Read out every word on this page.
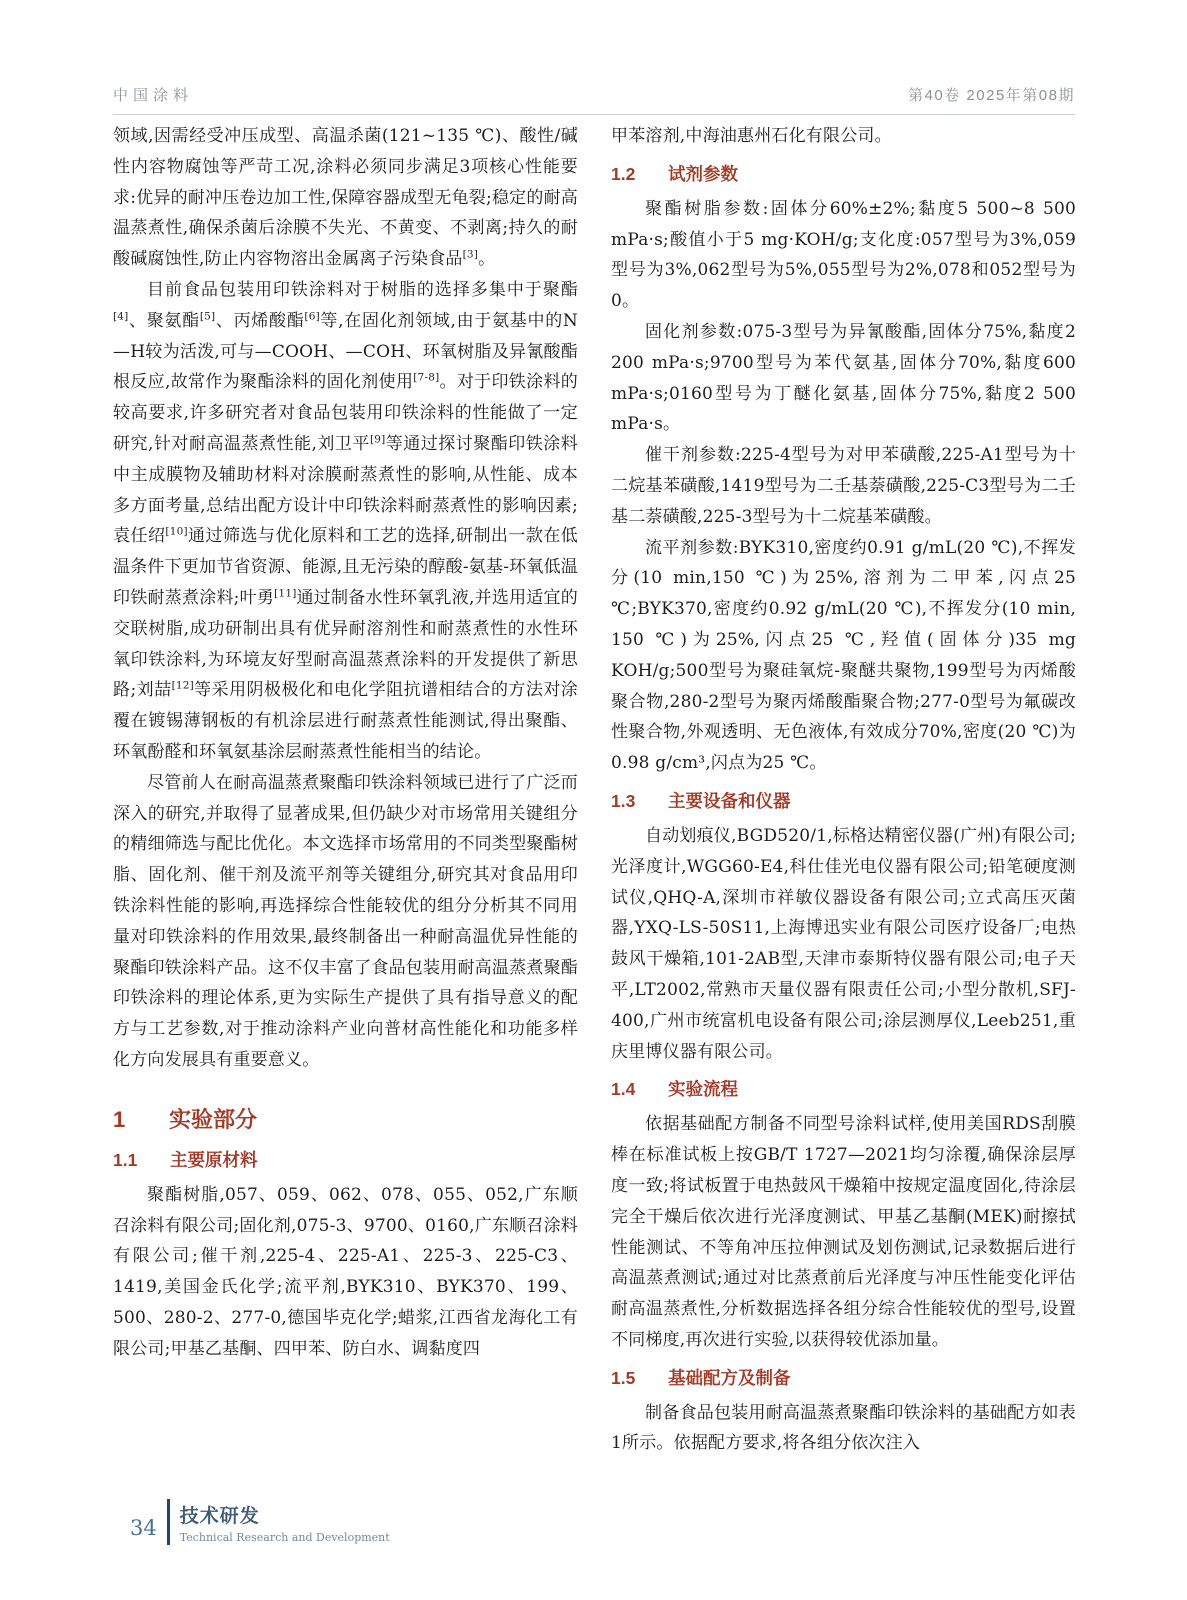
中国涂料	第40卷 2025年第08期

领域,因需经受冲压成型、高温杀菌(121~135 ℃)、酸性/碱性内容物腐蚀等严苛工况,涂料必须同步满足3项核心性能要求:优异的耐冲压卷边加工性,保障容器成型无龟裂;稳定的耐高温蒸煮性,确保杀菌后涂膜不失光、不黄变、不剥离;持久的耐酸碱腐蚀性,防止内容物溶出金属离子污染食品[3]。

目前食品包装用印铁涂料对于树脂的选择多集中于聚酯[4]、聚氨酯[5]、丙烯酸酯[6]等,在固化剂领域,由于氨基中的N—H较为活泼,可与—COOH、—COH、环氧树脂及异氰酸酯根反应,故常作为聚酯涂料的固化剂使用[7-8]。对于印铁涂料的较高要求,许多研究者对食品包装用印铁涂料的性能做了一定研究,针对耐高温蒸煮性能,刘卫平[9]等通过探讨聚酯印铁涂料中主成膜物及辅助材料对涂膜耐蒸煮性的影响,从性能、成本多方面考量,总结出配方设计中印铁涂料耐蒸煮性的影响因素;袁任绍[10]通过筛选与优化原料和工艺的选择,研制出一款在低温条件下更加节省资源、能源,且无污染的醇酸-氨基-环氧低温印铁耐蒸煮涂料;叶勇[11]通过制备水性环氧乳液,并选用适宜的交联树脂,成功研制出具有优异耐溶剂性和耐蒸煮性的水性环氧印铁涂料,为环境友好型耐高温蒸煮涂料的开发提供了新思路;刘喆[12]等采用阴极极化和电化学阻抗谱相结合的方法对涂覆在镀锡薄钢板的有机涂层进行耐蒸煮性能测试,得出聚酯、环氧酚醛和环氧氨基涂层耐蒸煮性能相当的结论。

尽管前人在耐高温蒸煮聚酯印铁涂料领域已进行了广泛而深入的研究,并取得了显著成果,但仍缺少对市场常用关键组分的精细筛选与配比优化。本文选择市场常用的不同类型聚酯树脂、固化剂、催干剂及流平剂等关键组分,研究其对食品用印铁涂料性能的影响,再选择综合性能较优的组分分析其不同用量对印铁涂料的作用效果,最终制备出一种耐高温优异性能的聚酯印铁涂料产品。这不仅丰富了食品包装用耐高温蒸煮聚酯印铁涂料的理论体系,更为实际生产提供了具有指导意义的配方与工艺参数,对于推动涂料产业向普材高性能化和功能多样化方向发展具有重要意义。

1 实验部分
1.1 主要原材料

聚酯树脂,057、059、062、078、055、052,广东顺召涂料有限公司;固化剂,075-3、9700、0160,广东顺召涂料有限公司;催干剂,225-4、225-A1、225-3、225-C3、1419,美国金氏化学;流平剂,BYK310、BYK370、199、500、280-2、277-0,德国毕克化学;蜡浆,江西省龙海化工有限公司;甲基乙基酮、四甲苯、防白水、调黏度四

甲苯溶剂,中海油惠州石化有限公司。

1.2 试剂参数

聚酯树脂参数:固体分60%±2%;黏度5 500~8 500 mPa·s;酸值小于5 mg·KOH/g;支化度:057型号为3%,059型号为3%,062型号为5%,055型号为2%,078和052型号为0。

固化剂参数:075-3型号为异氰酸酯,固体分75%,黏度2 200 mPa·s;9700型号为苯代氨基,固体分70%,黏度600 mPa·s;0160型号为丁醚化氨基,固体分75%,黏度2 500 mPa·s。

催干剂参数:225-4型号为对甲苯磺酸,225-A1型号为十二烷基苯磺酸,1419型号为二壬基萘磺酸,225-C3型号为二壬基二萘磺酸,225-3型号为十二烷基苯磺酸。

流平剂参数:BYK310,密度约0.91 g/mL(20 ℃),不挥发分(10 min,150 ℃)为25%,溶剂为二甲苯,闪点25 ℃;BYK370,密度约0.92 g/mL(20 ℃),不挥发分(10 min, 150 ℃)为25%,闪点25 ℃,羟值(固体分)35 mg KOH/g;500型号为聚硅氧烷-聚醚共聚物,199型号为丙烯酸聚合物,280-2型号为聚丙烯酸酯聚合物;277-0型号为氟碳改性聚合物,外观透明、无色液体,有效成分70%,密度(20 ℃)为0.98 g/cm³,闪点为25 ℃。

1.3 主要设备和仪器

自动划痕仪,BGD520/1,标格达精密仪器(广州)有限公司;光泽度计,WGG60-E4,科仕佳光电仪器有限公司;铅笔硬度测试仪,QHQ-A,深圳市祥敏仪器设备有限公司;立式高压灭菌器,YXQ-LS-50S11,上海博迅实业有限公司医疗设备厂;电热鼓风干燥箱,101-2AB型,天津市泰斯特仪器有限公司;电子天平,LT2002,常熟市天量仪器有限责任公司;小型分散机,SFJ-400,广州市统富机电设备有限公司;涂层测厚仪,Leeb251,重庆里博仪器有限公司。

1.4 实验流程

依据基础配方制备不同型号涂料试样,使用美国RDS刮膜棒在标准试板上按GB/T 1727—2021均匀涂覆,确保涂层厚度一致;将试板置于电热鼓风干燥箱中按规定温度固化,待涂层完全干燥后依次进行光泽度测试、甲基乙基酮(MEK)耐擦拭性能测试、不等角冲压拉伸测试及划伤测试,记录数据后进行高温蒸煮测试;通过对比蒸煮前后光泽度与冲压性能变化评估耐高温蒸煮性,分析数据选择各组分综合性能较优的型号,设置不同梯度,再次进行实验,以获得较优添加量。

1.5 基础配方及制备

制备食品包装用耐高温蒸煮聚酯印铁涂料的基础配方如表1所示。依据配方要求,将各组分依次注入

34 技术研发
Technical Research and Development
